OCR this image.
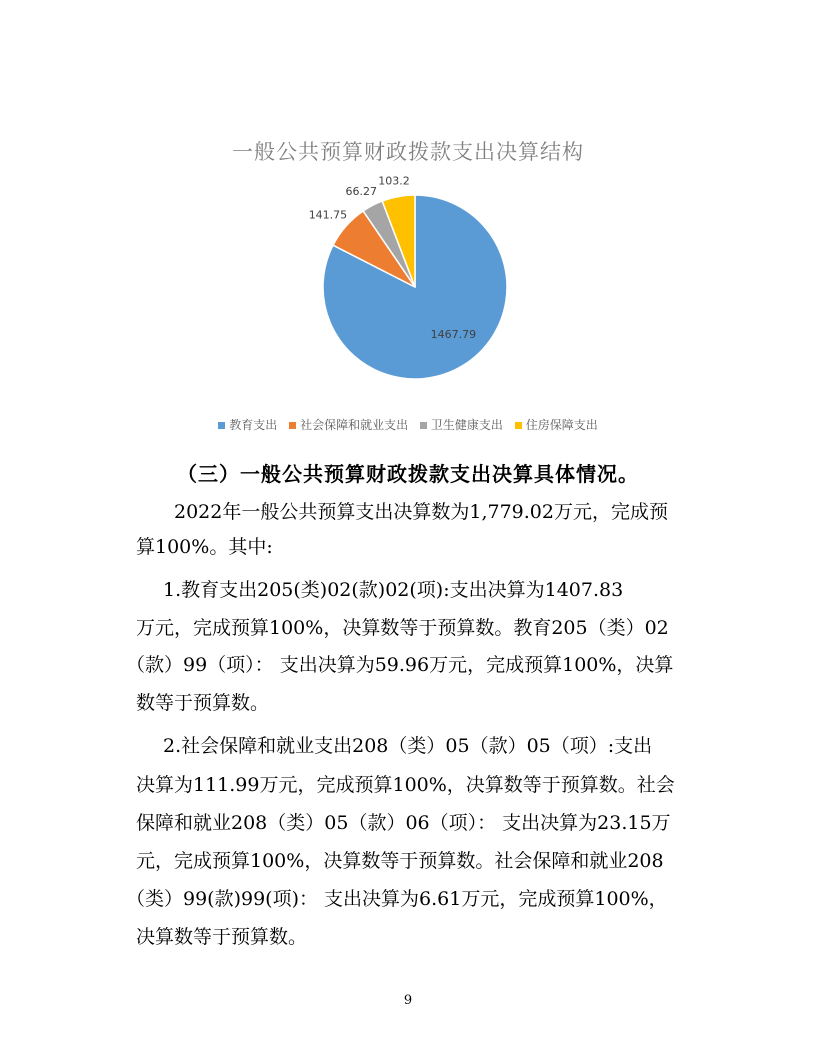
一般公共预算财政拨款支出决算结构
1467.79
141.75
66.27
103.2
教育支出 社会保障和就业支出 卫生健康支出 住房保障支出
（三）一般公共预算财政拨款支出决算具体情况。
2022年一般公共预算支出决算数为1,779.02万元，完成预
算100%。其中:
1.教育支出205(类)02(款)02(项):支出决算为1407.83
万元，完成预算100%，决算数等于预算数。教育205（类）02
（款）99（项）： 支出决算为59.96万元，完成预算100%，决算
数等于预算数。
2.社会保障和就业支出208（类）05（款）05（项）:支出
决算为111.99万元，完成预算100%，决算数等于预算数。社会
保障和就业208（类）05（款）06（项）： 支出决算为23.15万
元，完成预算100%，决算数等于预算数。社会保障和就业208
（类）99(款)99(项)： 支出决算为6.61万元，完成预算100%，
决算数等于预算数。
9
